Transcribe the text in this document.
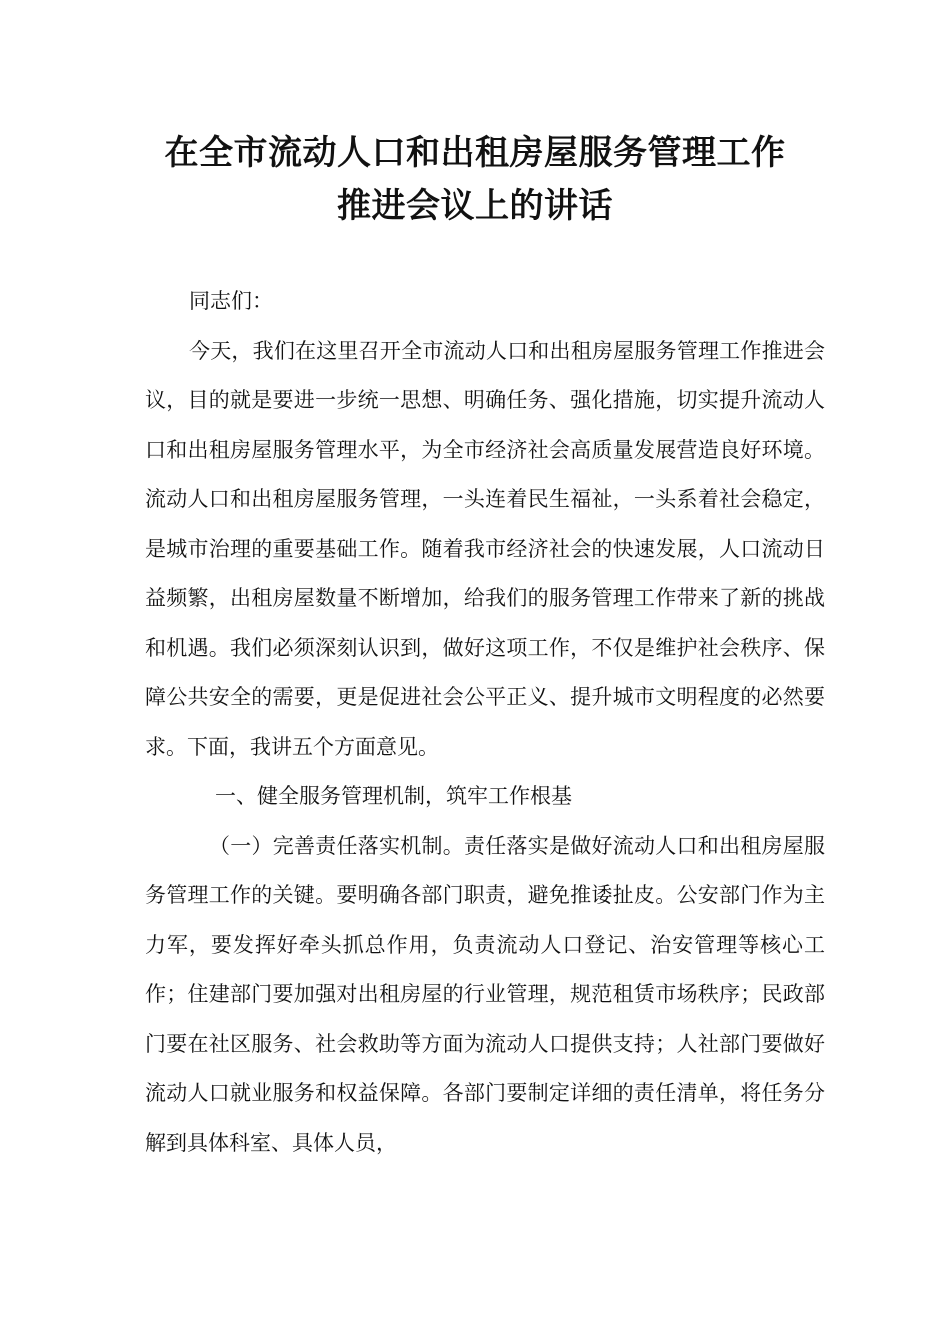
在全市流动人口和出租房屋服务管理工作
推进会议上的讲话

同志们：

今天，我们在这里召开全市流动人口和出租房屋服务管理工作推进会议，目的就是要进一步统一思想、明确任务、强化措施，切实提升流动人口和出租房屋服务管理水平，为全市经济社会高质量发展营造良好环境。流动人口和出租房屋服务管理，一头连着民生福祉，一头系着社会稳定，是城市治理的重要基础工作。随着我市经济社会的快速发展，人口流动日益频繁，出租房屋数量不断增加，给我们的服务管理工作带来了新的挑战和机遇。我们必须深刻认识到，做好这项工作，不仅是维护社会秩序、保障公共安全的需要，更是促进社会公平正义、提升城市文明程度的必然要求。下面，我讲五个方面意见。

一、健全服务管理机制，筑牢工作根基

（一）完善责任落实机制。责任落实是做好流动人口和出租房屋服务管理工作的关键。要明确各部门职责，避免推诿扯皮。公安部门作为主力军，要发挥好牵头抓总作用，负责流动人口登记、治安管理等核心工作；住建部门要加强对出租房屋的行业管理，规范租赁市场秩序；民政部门要在社区服务、社会救助等方面为流动人口提供支持；人社部门要做好流动人口就业服务和权益保障。各部门要制定详细的责任清单，将任务分解到具体科室、具体人员，
